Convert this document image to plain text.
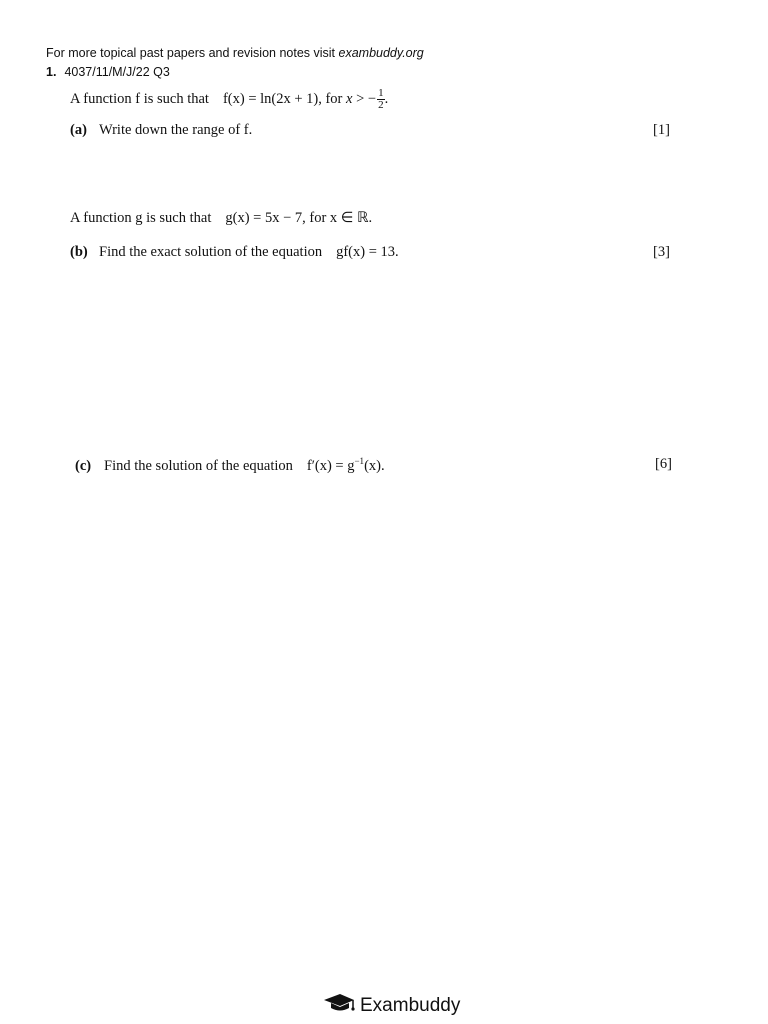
For more topical past papers and revision notes visit exambuddy.org
1. 4037/11/M/J/22 Q3
A function f is such that f(x) = ln(2x + 1), for x > − $\frac{1}{2}$ .
(a) Write down the range of f.	[1]
A function g is such that g(x) = 5x − 7, for x ∈ ℝ.
(b) Find the exact solution of the equation gf(x) = 13.	[3]
(c) Find the solution of the equation $f'(x) = g^{-1}(x)$.	[6]
Exambuddy
